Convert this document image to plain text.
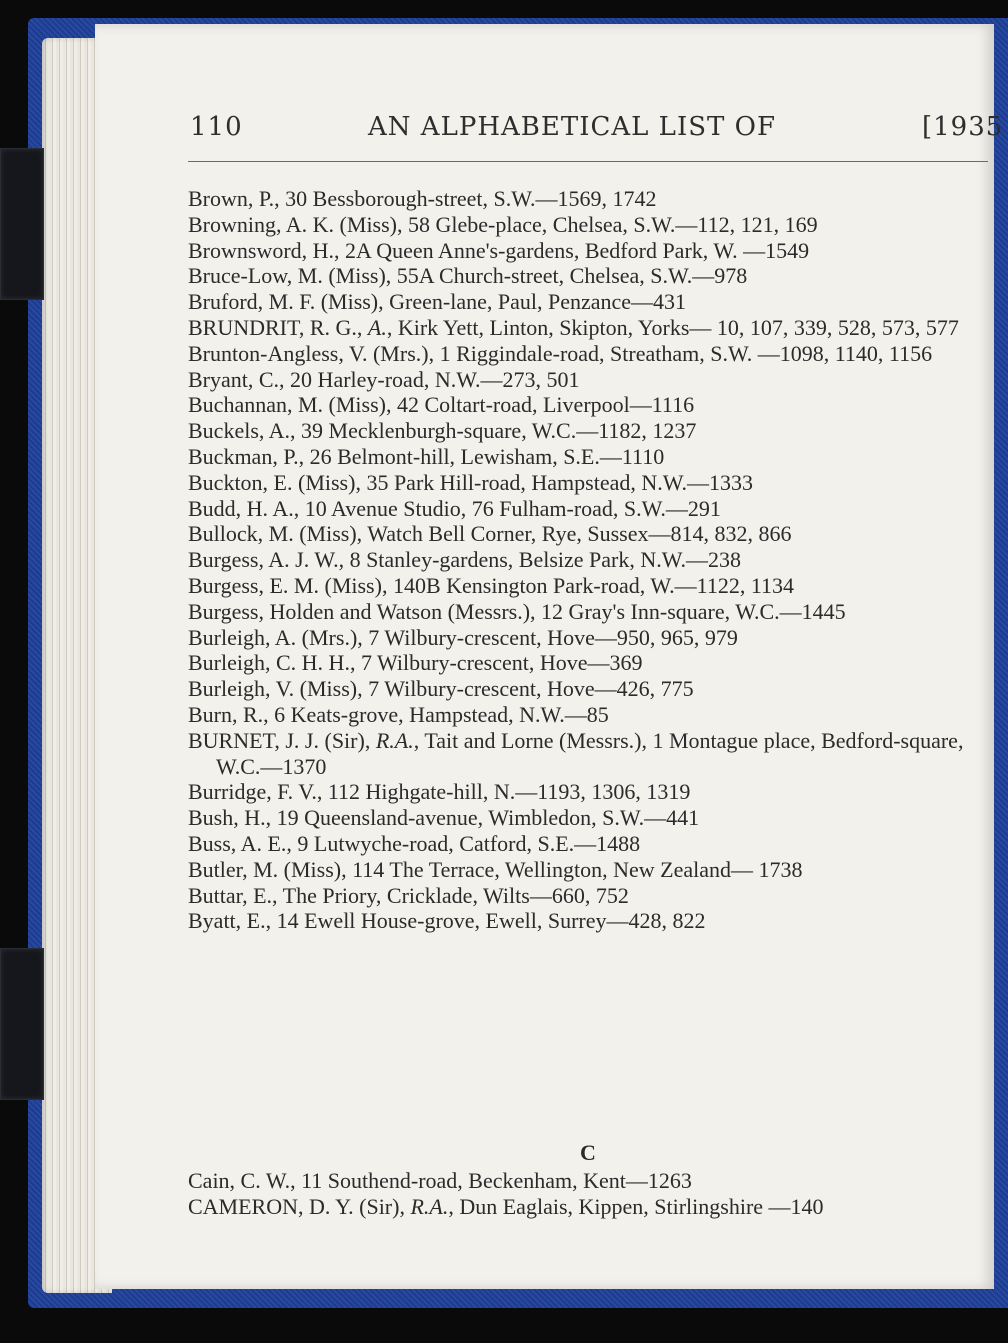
110	AN ALPHABETICAL LIST OF	[1935
Brown, P., 30 Bessborough-street, S.W.—1569, 1742
Browning, A. K. (Miss), 58 Glebe-place, Chelsea, S.W.—112, 121, 169
Brownsword, H., 2A Queen Anne's-gardens, Bedford Park, W. —1549
Bruce-Low, M. (Miss), 55A Church-street, Chelsea, S.W.—978
Bruford, M. F. (Miss), Green-lane, Paul, Penzance—431
BRUNDRIT, R. G., A., Kirk Yett, Linton, Skipton, Yorks— 10, 107, 339, 528, 573, 577
Brunton-Angless, V. (Mrs.), 1 Riggindale-road, Streatham, S.W. —1098, 1140, 1156
Bryant, C., 20 Harley-road, N.W.—273, 501
Buchannan, M. (Miss), 42 Coltart-road, Liverpool—1116
Buckels, A., 39 Mecklenburgh-square, W.C.—1182, 1237
Buckman, P., 26 Belmont-hill, Lewisham, S.E.—1110
Buckton, E. (Miss), 35 Park Hill-road, Hampstead, N.W.—1333
Budd, H. A., 10 Avenue Studio, 76 Fulham-road, S.W.—291
Bullock, M. (Miss), Watch Bell Corner, Rye, Sussex—814, 832, 866
Burgess, A. J. W., 8 Stanley-gardens, Belsize Park, N.W.—238
Burgess, E. M. (Miss), 140B Kensington Park-road, W.—1122, 1134
Burgess, Holden and Watson (Messrs.), 12 Gray's Inn-square, W.C.—1445
Burleigh, A. (Mrs.), 7 Wilbury-crescent, Hove—950, 965, 979
Burleigh, C. H. H., 7 Wilbury-crescent, Hove—369
Burleigh, V. (Miss), 7 Wilbury-crescent, Hove—426, 775
Burn, R., 6 Keats-grove, Hampstead, N.W.—85
BURNET, J. J. (Sir), R.A., Tait and Lorne (Messrs.), 1 Montague place, Bedford-square, W.C.—1370
Burridge, F. V., 112 Highgate-hill, N.—1193, 1306, 1319
Bush, H., 19 Queensland-avenue, Wimbledon, S.W.—441
Buss, A. E., 9 Lutwyche-road, Catford, S.E.—1488
Butler, M. (Miss), 114 The Terrace, Wellington, New Zealand— 1738
Buttar, E., The Priory, Cricklade, Wilts—660, 752
Byatt, E., 14 Ewell House-grove, Ewell, Surrey—428, 822
C
Cain, C. W., 11 Southend-road, Beckenham, Kent—1263
CAMERON, D. Y. (Sir), R.A., Dun Eaglais, Kippen, Stirlingshire —140
